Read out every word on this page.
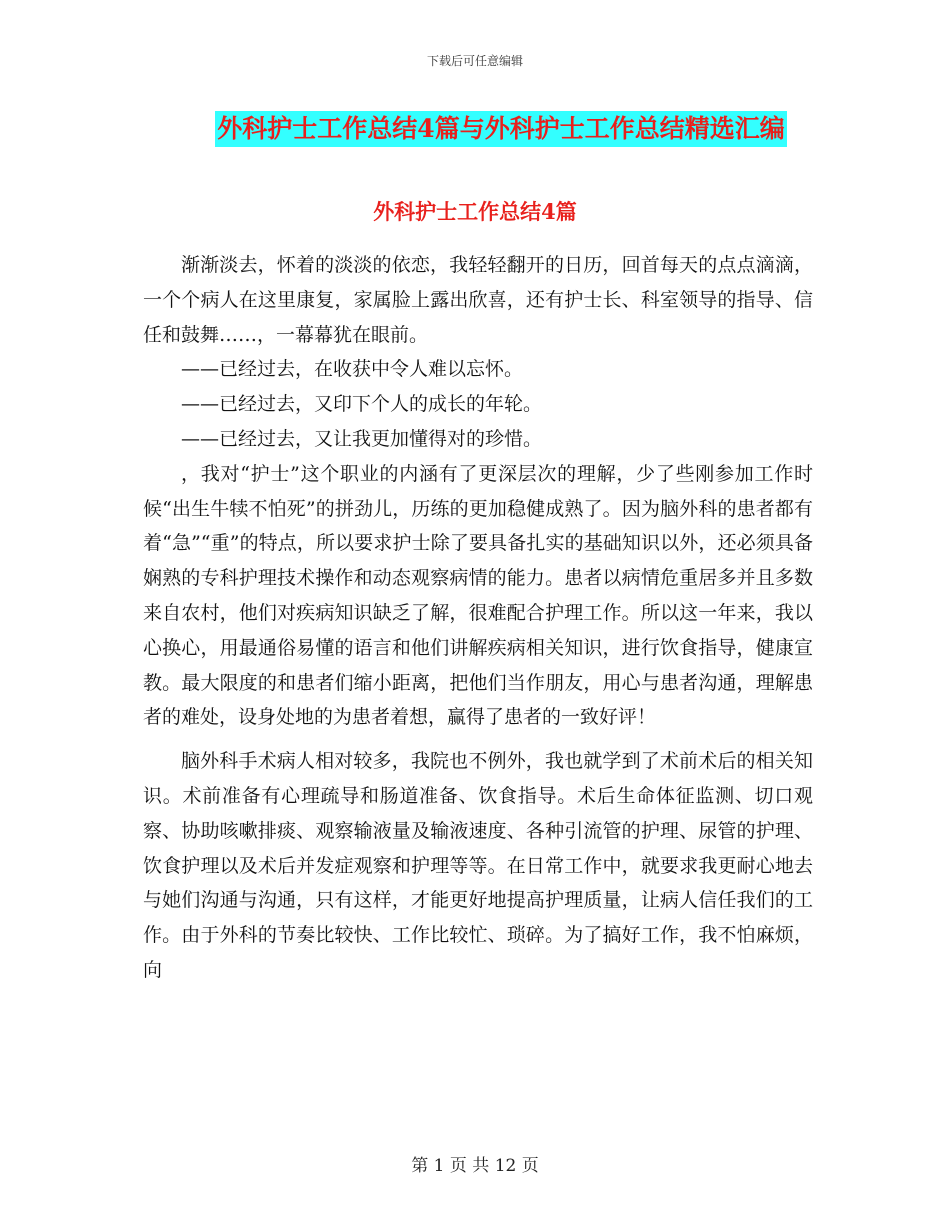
下载后可任意编辑
外科护士工作总结4篇与外科护士工作总结精选汇编
外科护士工作总结4篇

渐渐淡去，怀着的淡淡的依恋，我轻轻翻开的日历，回首每天的点点滴滴，一个个病人在这里康复，家属脸上露出欣喜，还有护士长、科室领导的指导、信任和鼓舞……，一幕幕犹在眼前。

——已经过去，在收获中令人难以忘怀。

——已经过去，又印下个人的成长的年轮。

——已经过去，又让我更加懂得对的珍惜。

，我对“护士”这个职业的内涵有了更深层次的理解，少了些刚参加工作时候“出生牛犊不怕死”的拼劲儿，历练的更加稳健成熟了。因为脑外科的患者都有着“急”“重”的特点，所以要求护士除了要具备扎实的基础知识以外，还必须具备娴熟的专科护理技术操作和动态观察病情的能力。患者以病情危重居多并且多数来自农村，他们对疾病知识缺乏了解，很难配合护理工作。所以这一年来，我以心换心，用最通俗易懂的语言和他们讲解疾病相关知识，进行饮食指导，健康宣教。最大限度的和患者们缩小距离，把他们当作朋友，用心与患者沟通，理解患者的难处，设身处地的为患者着想，赢得了患者的一致好评！

脑外科手术病人相对较多，我院也不例外，我也就学到了术前术后的相关知识。术前准备有心理疏导和肠道准备、饮食指导。术后生命体征监测、切口观察、协助咳嗽排痰、观察输液量及输液速度、各种引流管的护理、尿管的护理、饮食护理以及术后并发症观察和护理等等。在日常工作中，就要求我更耐心地去与她们沟通与沟通，只有这样，才能更好地提高护理质量，让病人信任我们的工作。由于外科的节奏比较快、工作比较忙、琐碎。为了搞好工作，我不怕麻烦，向

第 1 页 共 12 页
